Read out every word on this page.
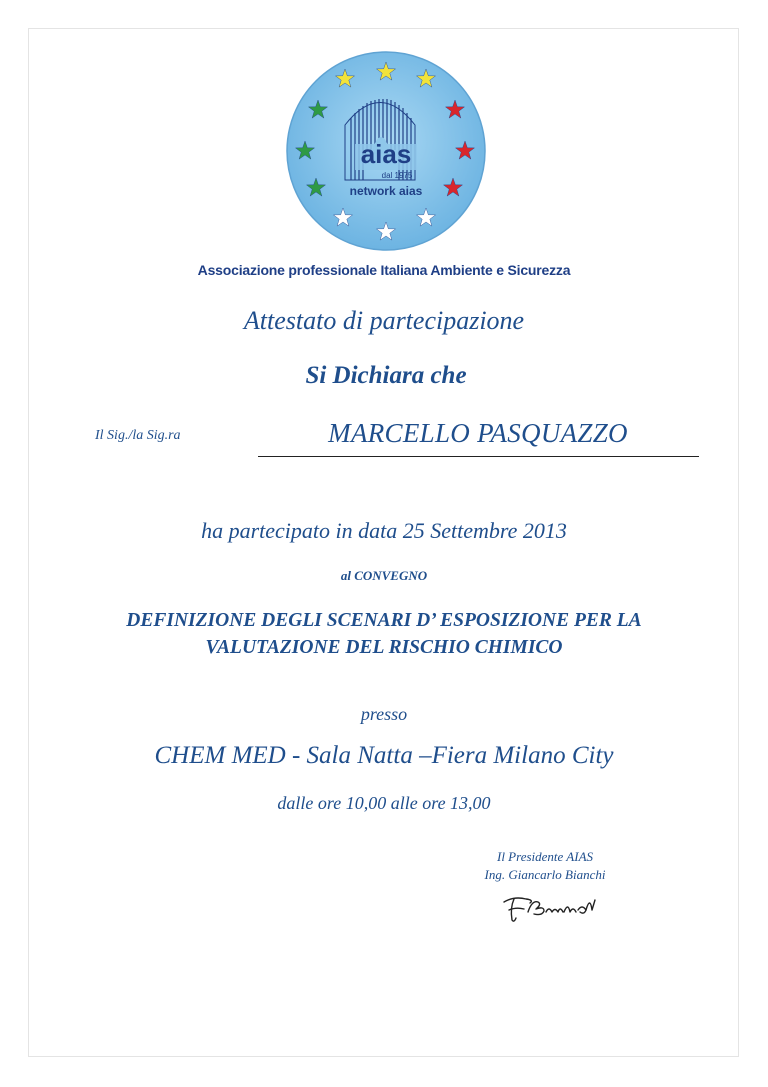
aias
dal 1975
network aias
Associazione professionale Italiana Ambiente e Sicurezza
Attestato di partecipazione
Si Dichiara che
Il Sig./la Sig.ra	MARCELLO PASQUAZZO
ha partecipato in data 25 Settembre 2013
al CONVEGNO
DEFINIZIONE DEGLI SCENARI D’ ESPOSIZIONE PER LA
VALUTAZIONE DEL RISCHIO CHIMICO
presso
CHEM MED - Sala Natta –Fiera Milano City
dalle ore 10,00 alle ore 13,00
Il Presidente AIAS
Ing. Giancarlo Bianchi
